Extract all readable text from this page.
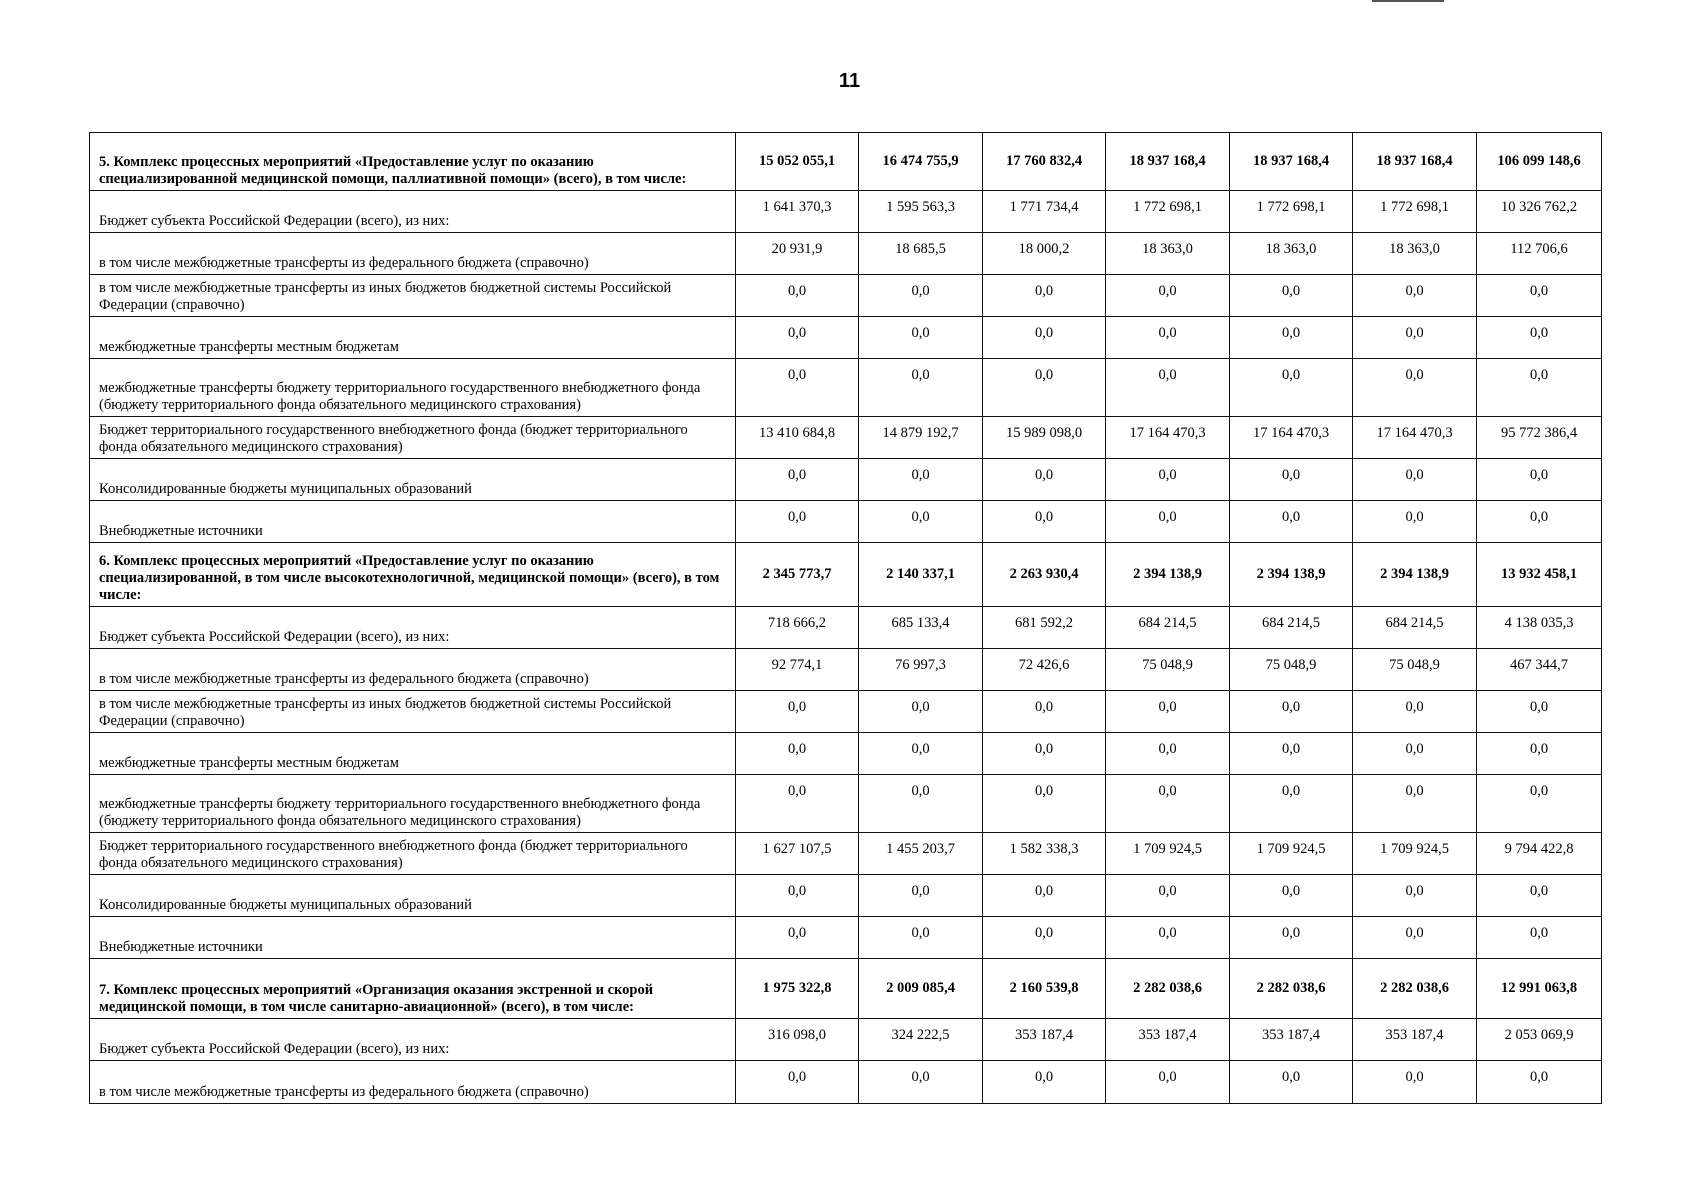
11
5. Комплекс процессных мероприятий «Предоставление услуг по оказанию специализированной медицинской помощи, паллиативной помощи» (всего), в том числе:	15 052 055,1	16 474 755,9	17 760 832,4	18 937 168,4	18 937 168,4	18 937 168,4	106 099 148,6
Бюджет субъекта Российской Федерации (всего), из них:	1 641 370,3	1 595 563,3	1 771 734,4	1 772 698,1	1 772 698,1	1 772 698,1	10 326 762,2
в том числе межбюджетные трансферты из федерального бюджета (справочно)	20 931,9	18 685,5	18 000,2	18 363,0	18 363,0	18 363,0	112 706,6
в том числе межбюджетные трансферты из иных бюджетов бюджетной системы Российской Федерации (справочно)	0,0	0,0	0,0	0,0	0,0	0,0	0,0
межбюджетные трансферты местным бюджетам	0,0	0,0	0,0	0,0	0,0	0,0	0,0
межбюджетные трансферты бюджету территориального государственного внебюджетного фонда (бюджету территориального фонда обязательного медицинского страхования)	0,0	0,0	0,0	0,0	0,0	0,0	0,0
Бюджет территориального государственного внебюджетного фонда (бюджет территориального фонда обязательного медицинского страхования)	13 410 684,8	14 879 192,7	15 989 098,0	17 164 470,3	17 164 470,3	17 164 470,3	95 772 386,4
Консолидированные бюджеты муниципальных образований	0,0	0,0	0,0	0,0	0,0	0,0	0,0
Внебюджетные источники	0,0	0,0	0,0	0,0	0,0	0,0	0,0
6. Комплекс процессных мероприятий «Предоставление услуг по оказанию специализированной, в том числе высокотехнологичной, медицинской помощи» (всего), в том числе:	2 345 773,7	2 140 337,1	2 263 930,4	2 394 138,9	2 394 138,9	2 394 138,9	13 932 458,1
Бюджет субъекта Российской Федерации (всего), из них:	718 666,2	685 133,4	681 592,2	684 214,5	684 214,5	684 214,5	4 138 035,3
в том числе межбюджетные трансферты из федерального бюджета (справочно)	92 774,1	76 997,3	72 426,6	75 048,9	75 048,9	75 048,9	467 344,7
в том числе межбюджетные трансферты из иных бюджетов бюджетной системы Российской Федерации (справочно)	0,0	0,0	0,0	0,0	0,0	0,0	0,0
межбюджетные трансферты местным бюджетам	0,0	0,0	0,0	0,0	0,0	0,0	0,0
межбюджетные трансферты бюджету территориального государственного внебюджетного фонда (бюджету территориального фонда обязательного медицинского страхования)	0,0	0,0	0,0	0,0	0,0	0,0	0,0
Бюджет территориального государственного внебюджетного фонда (бюджет территориального фонда обязательного медицинского страхования)	1 627 107,5	1 455 203,7	1 582 338,3	1 709 924,5	1 709 924,5	1 709 924,5	9 794 422,8
Консолидированные бюджеты муниципальных образований	0,0	0,0	0,0	0,0	0,0	0,0	0,0
Внебюджетные источники	0,0	0,0	0,0	0,0	0,0	0,0	0,0
7. Комплекс процессных мероприятий «Организация оказания экстренной и скорой медицинской помощи, в том числе санитарно-авиационной» (всего), в том числе:	1 975 322,8	2 009 085,4	2 160 539,8	2 282 038,6	2 282 038,6	2 282 038,6	12 991 063,8
Бюджет субъекта Российской Федерации (всего), из них:	316 098,0	324 222,5	353 187,4	353 187,4	353 187,4	353 187,4	2 053 069,9
в том числе межбюджетные трансферты из федерального бюджета (справочно)	0,0	0,0	0,0	0,0	0,0	0,0	0,0
